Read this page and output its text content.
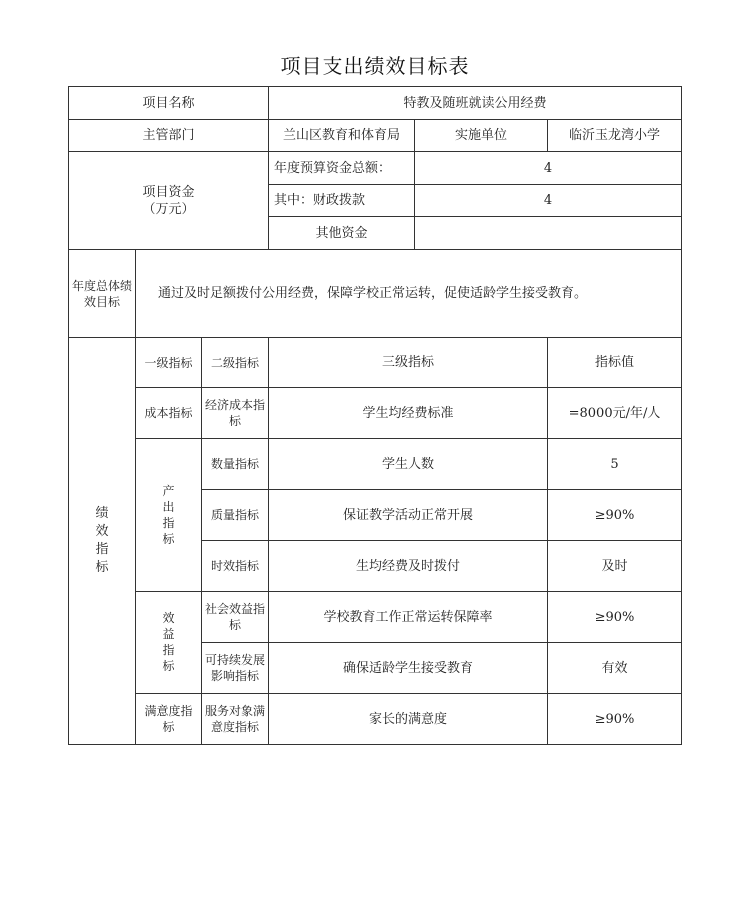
项目支出绩效目标表
项目名称			特教及随班就读公用经费		
主管部门			兰山区教育和体育局	实施单位	临沂玉龙湾小学

项目资金
（万元）			年度预算资金总额：	4	
			其中：财政拨款	4	
			其他资金		
年度总体绩效目标	通过及时足额拨付公用经费，保障学校正常运转，促使适龄学生接受教育。				
绩效指标	一级指标	二级指标	三级指标		指标值
	成本指标	经济成本指标	学生均经费标准		=8000元/年/人
	产出指标	数量指标	学生人数		5
		质量指标	保证教学活动正常开展		≥90%
		时效指标	生均经费及时拨付		及时
	效益指标	社会效益指标	学校教育工作正常运转保障率		≥90%
		可持续发展影响指标	确保适龄学生接受教育		有效
	满意度指标	服务对象满意度指标	家长的满意度		≥90%
